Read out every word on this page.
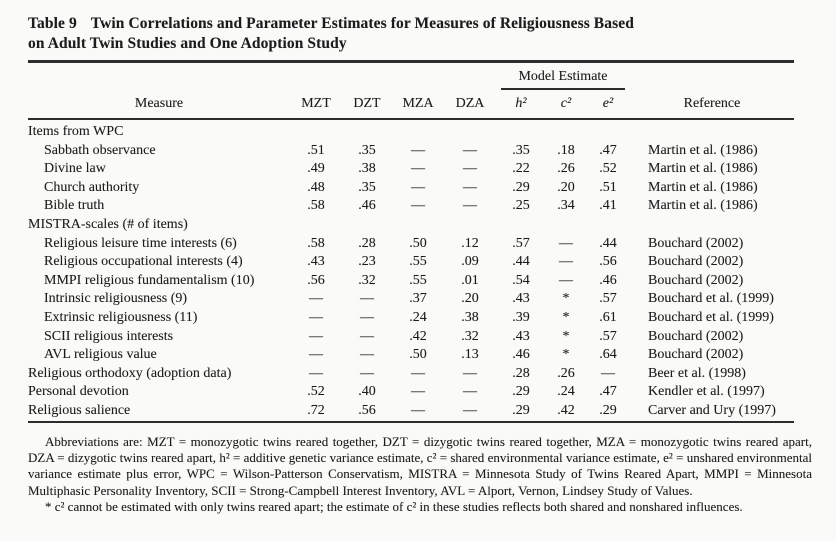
Table 9 Twin Correlations and Parameter Estimates for Measures of Religiousness Based
on Adult Twin Studies and One Adoption Study

					Model Estimate			

Measure	MZT	DZT	MZA	DZA	h²	c²	e²	Reference
Items from WPC								
Sabbath observance	.51	.35	—	—	.35	.18	.47	Martin et al. (1986)
Divine law	.49	.38	—	—	.22	.26	.52	Martin et al. (1986)
Church authority	.48	.35	—	—	.29	.20	.51	Martin et al. (1986)
Bible truth	.58	.46	—	—	.25	.34	.41	Martin et al. (1986)
MISTRA-scales (# of items)								
Religious leisure time interests (6)	.58	.28	.50	.12	.57	—	.44	Bouchard (2002)
Religious occupational interests (4)	.43	.23	.55	.09	.44	—	.56	Bouchard (2002)
MMPI religious fundamentalism (10)	.56	.32	.55	.01	.54	—	.46	Bouchard (2002)
Intrinsic religiousness (9)	—	—	.37	.20	.43	*	.57	Bouchard et al. (1999)
Extrinsic religiousness (11)	—	—	.24	.38	.39	*	.61	Bouchard et al. (1999)
SCII religious interests	—	—	.42	.32	.43	*	.57	Bouchard (2002)
AVL religious value	—	—	.50	.13	.46	*	.64	Bouchard (2002)
Religious orthodoxy (adoption data)	—	—	—	—	.28	.26	—	Beer et al. (1998)
Personal devotion	.52	.40	—	—	.29	.24	.47	Kendler et al. (1997)
Religious salience	.72	.56	—	—	.29	.42	.29	Carver and Ury (1997)

Abbreviations are: MZT = monozygotic twins reared together, DZT = dizygotic twins reared together, MZA = monozygotic twins reared apart, DZA = dizygotic twins reared apart, h² = additive genetic variance estimate, c² = shared environmental variance estimate, e² = unshared environmental variance estimate plus error, WPC = Wilson-Patterson Conservatism, MISTRA = Minnesota Study of Twins Reared Apart, MMPI = Minnesota Multiphasic Personality Inventory, SCII = Strong-Campbell Interest Inventory, AVL = Alport, Vernon, Lindsey Study of Values.

* c² cannot be estimated with only twins reared apart; the estimate of c² in these studies reflects both shared and nonshared influences.
